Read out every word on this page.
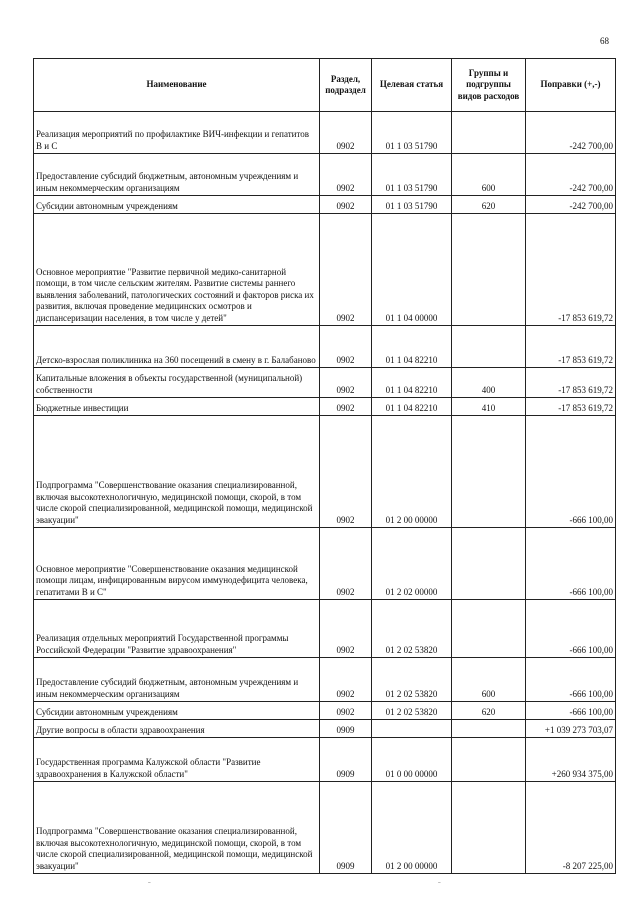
68
Наименование	Раздел, подраздел	Целевая статья	Группы и подгруппы видов расходов	Поправки (+,-)
Реализация мероприятий по профилактике ВИЧ-инфекции и гепатитов В и С	0902	01 1 03 51790		-242 700,00
Предоставление субсидий бюджетным, автономным учреждениям и иным некоммерческим организациям	0902	01 1 03 51790	600	-242 700,00
Субсидии автономным учреждениям	0902	01 1 03 51790	620	-242 700,00
Основное мероприятие "Развитие первичной медико-санитарной помощи, в том числе сельским жителям. Развитие системы раннего выявления заболеваний, патологических состояний и факторов риска их развития, включая проведение медицинских осмотров и диспансеризации населения, в том числе у детей"	0902	01 1 04 00000		-17 853 619,72
Детско-взрослая поликлиника на 360 посещений в смену в г. Балабаново	0902	01 1 04 82210		-17 853 619,72
Капитальные вложения в объекты государственной (муниципальной) собственности	0902	01 1 04 82210	400	-17 853 619,72
Бюджетные инвестиции	0902	01 1 04 82210	410	-17 853 619,72
Подпрограмма "Совершенствование оказания специализированной, включая высокотехнологичную, медицинской помощи, скорой, в том числе скорой специализированной, медицинской помощи, медицинской эвакуации"	0902	01 2 00 00000		-666 100,00
Основное мероприятие "Совершенствование оказания медицинской помощи лицам, инфицированным вирусом иммунодефицита человека, гепатитами В и С"	0902	01 2 02 00000		-666 100,00
Реализация отдельных мероприятий Государственной программы Российской Федерации "Развитие здравоохранения"	0902	01 2 02 53820		-666 100,00
Предоставление субсидий бюджетным, автономным учреждениям и иным некоммерческим организациям	0902	01 2 02 53820	600	-666 100,00
Субсидии автономным учреждениям	0902	01 2 02 53820	620	-666 100,00
Другие вопросы в области здравоохранения	0909			+1 039 273 703,07
Государственная программа Калужской области "Развитие здравоохранения в Калужской области"	0909	01 0 00 00000		+260 934 375,00
Подпрограмма "Совершенствование оказания специализированной, включая высокотехнологичную, медицинской помощи, скорой, в том числе скорой специализированной, медицинской помощи, медицинской эвакуации"	0909	01 2 00 00000		-8 207 225,00
ˉ	ˉ
